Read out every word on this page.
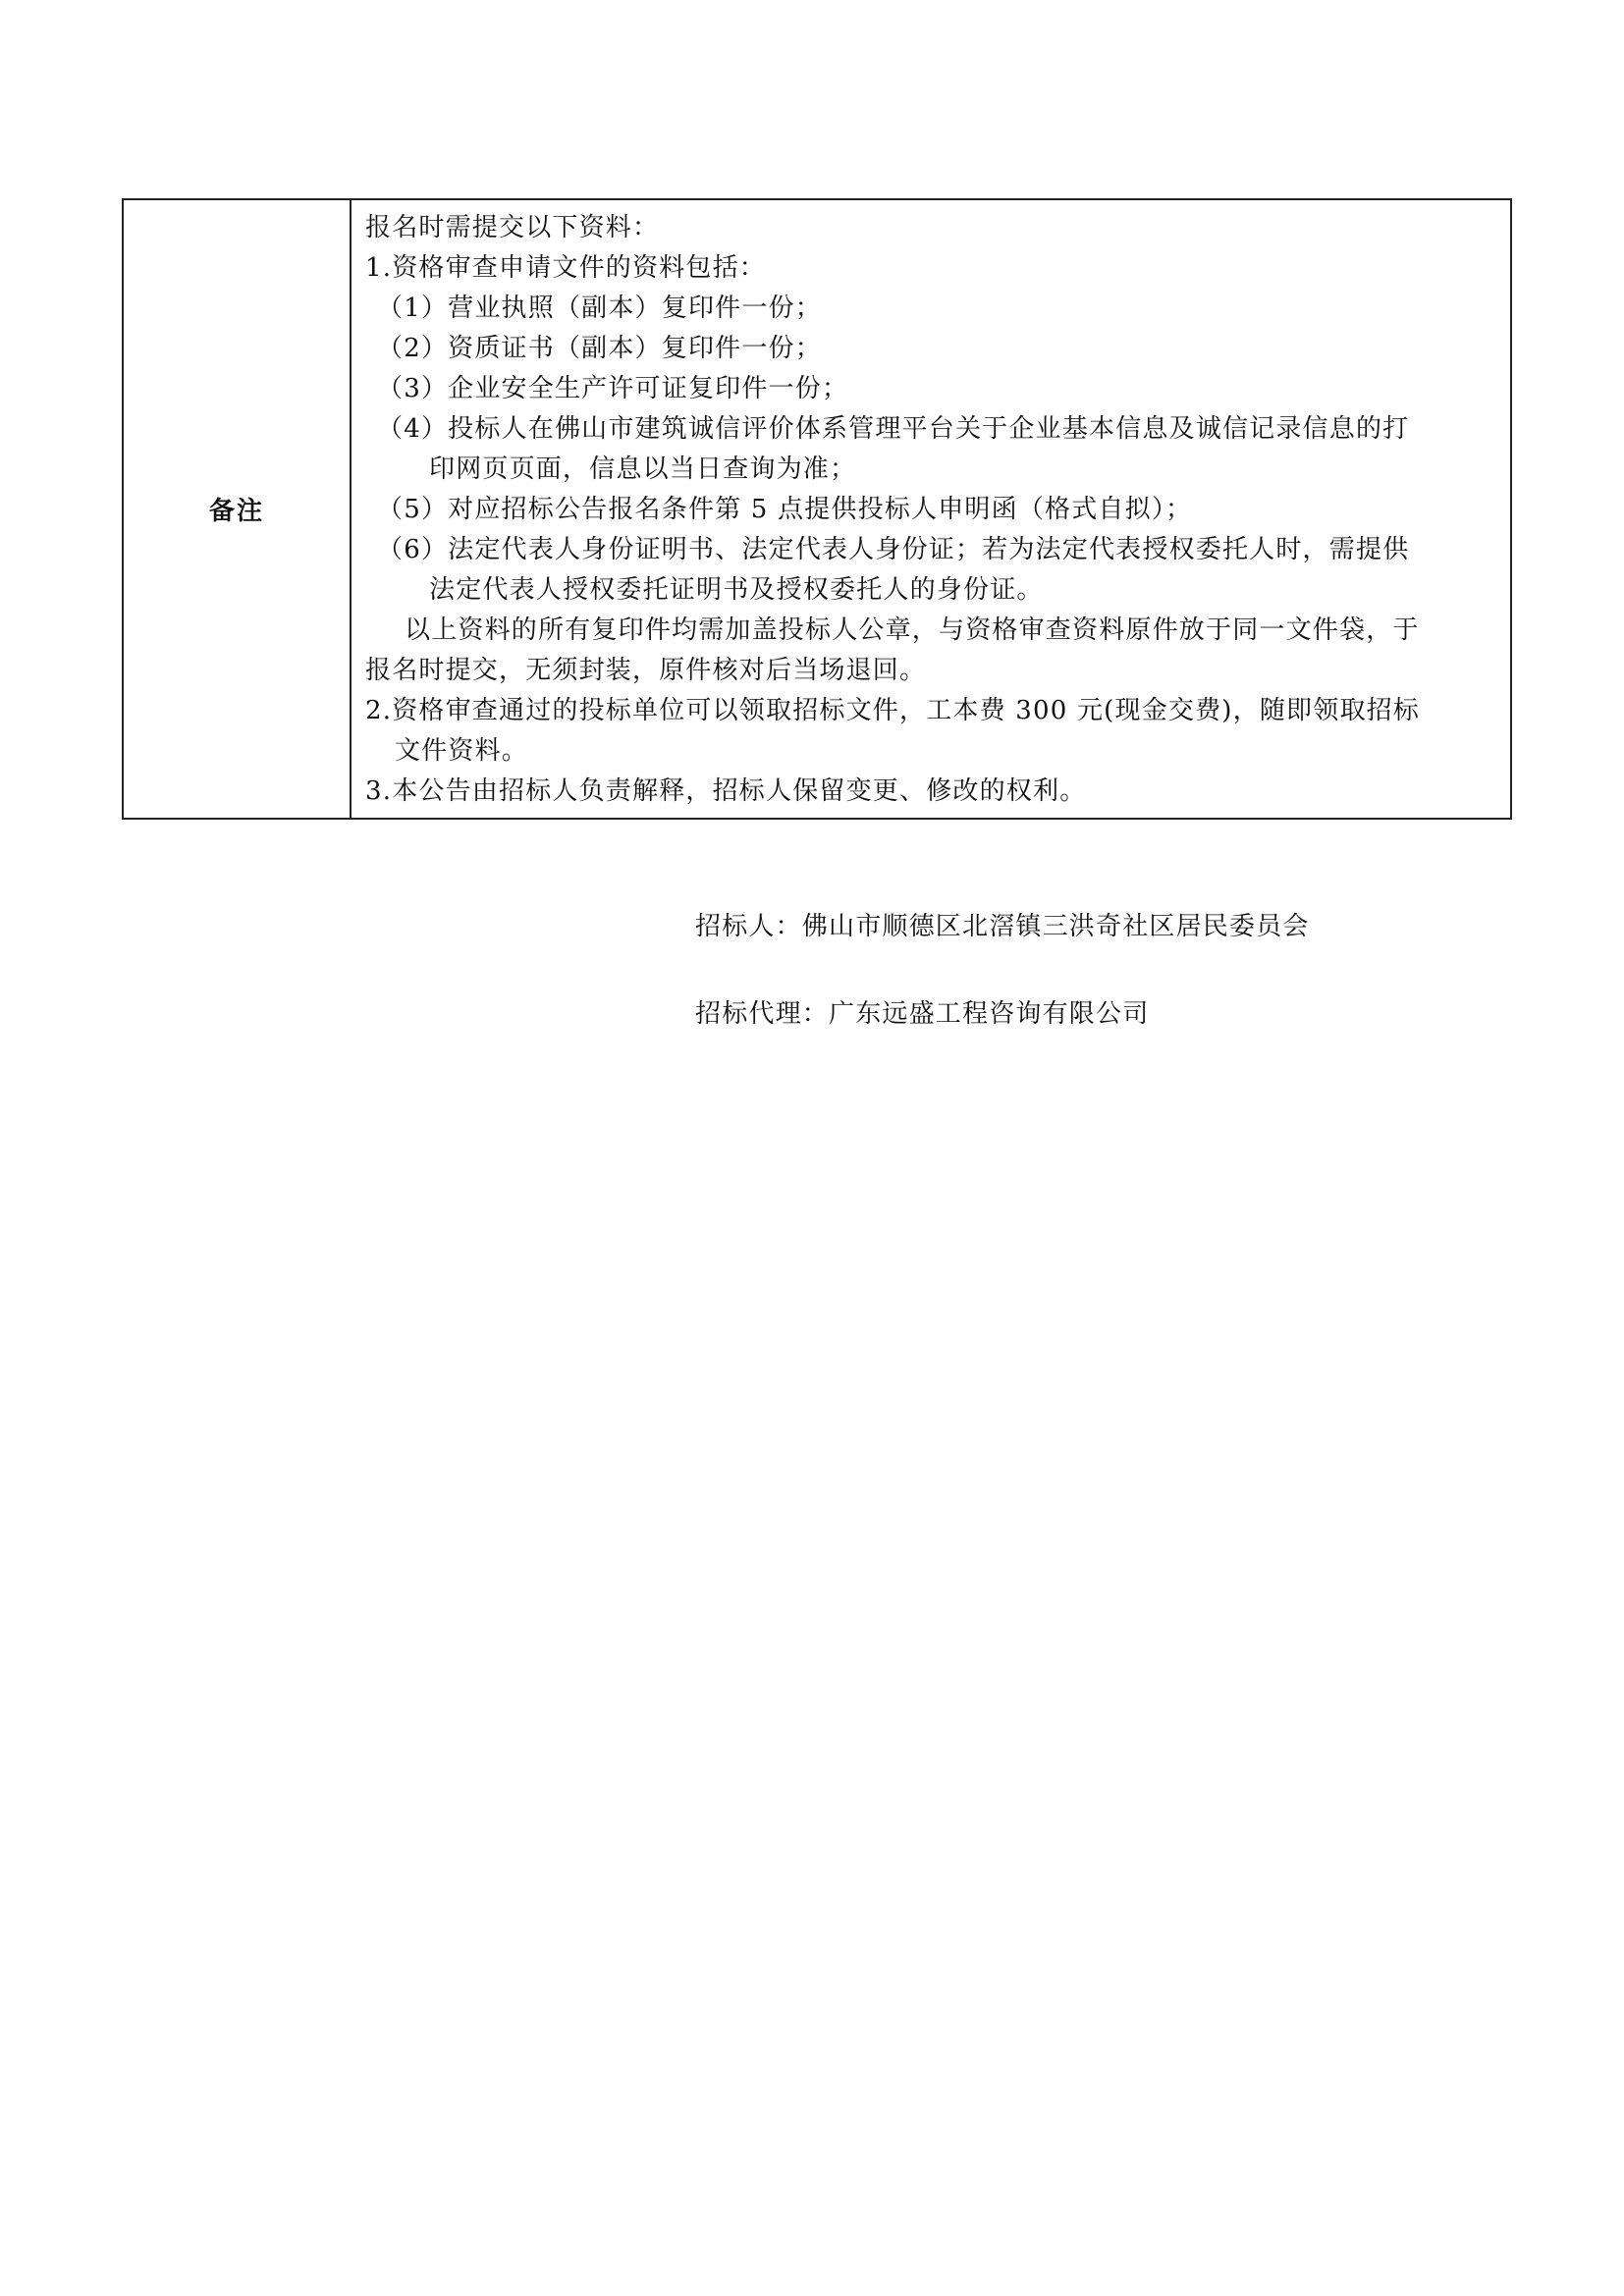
备注	
报名时需提交以下资料：
1.资格审查申请文件的资料包括：
（1）营业执照（副本）复印件一份；
（2）资质证书（副本）复印件一份；
（3）企业安全生产许可证复印件一份；
（4）投标人在佛山市建筑诚信评价体系管理平台关于企业基本信息及诚信记录信息的打
印网页页面，信息以当日查询为准；
（5）对应招标公告报名条件第 5 点提供投标人申明函（格式自拟）；
（6）法定代表人身份证明书、法定代表人身份证；若为法定代表授权委托人时，需提供
法定代表人授权委托证明书及授权委托人的身份证。
以上资料的所有复印件均需加盖投标人公章，与资格审查资料原件放于同一文件袋，于
报名时提交，无须封装，原件核对后当场退回。
2.资格审查通过的投标单位可以领取招标文件，工本费 300 元(现金交费)，随即领取招标
文件资料。
3.本公告由招标人负责解释，招标人保留变更、修改的权利。
招标人：佛山市顺德区北滘镇三洪奇社区居民委员会
招标代理：广东远盛工程咨询有限公司
